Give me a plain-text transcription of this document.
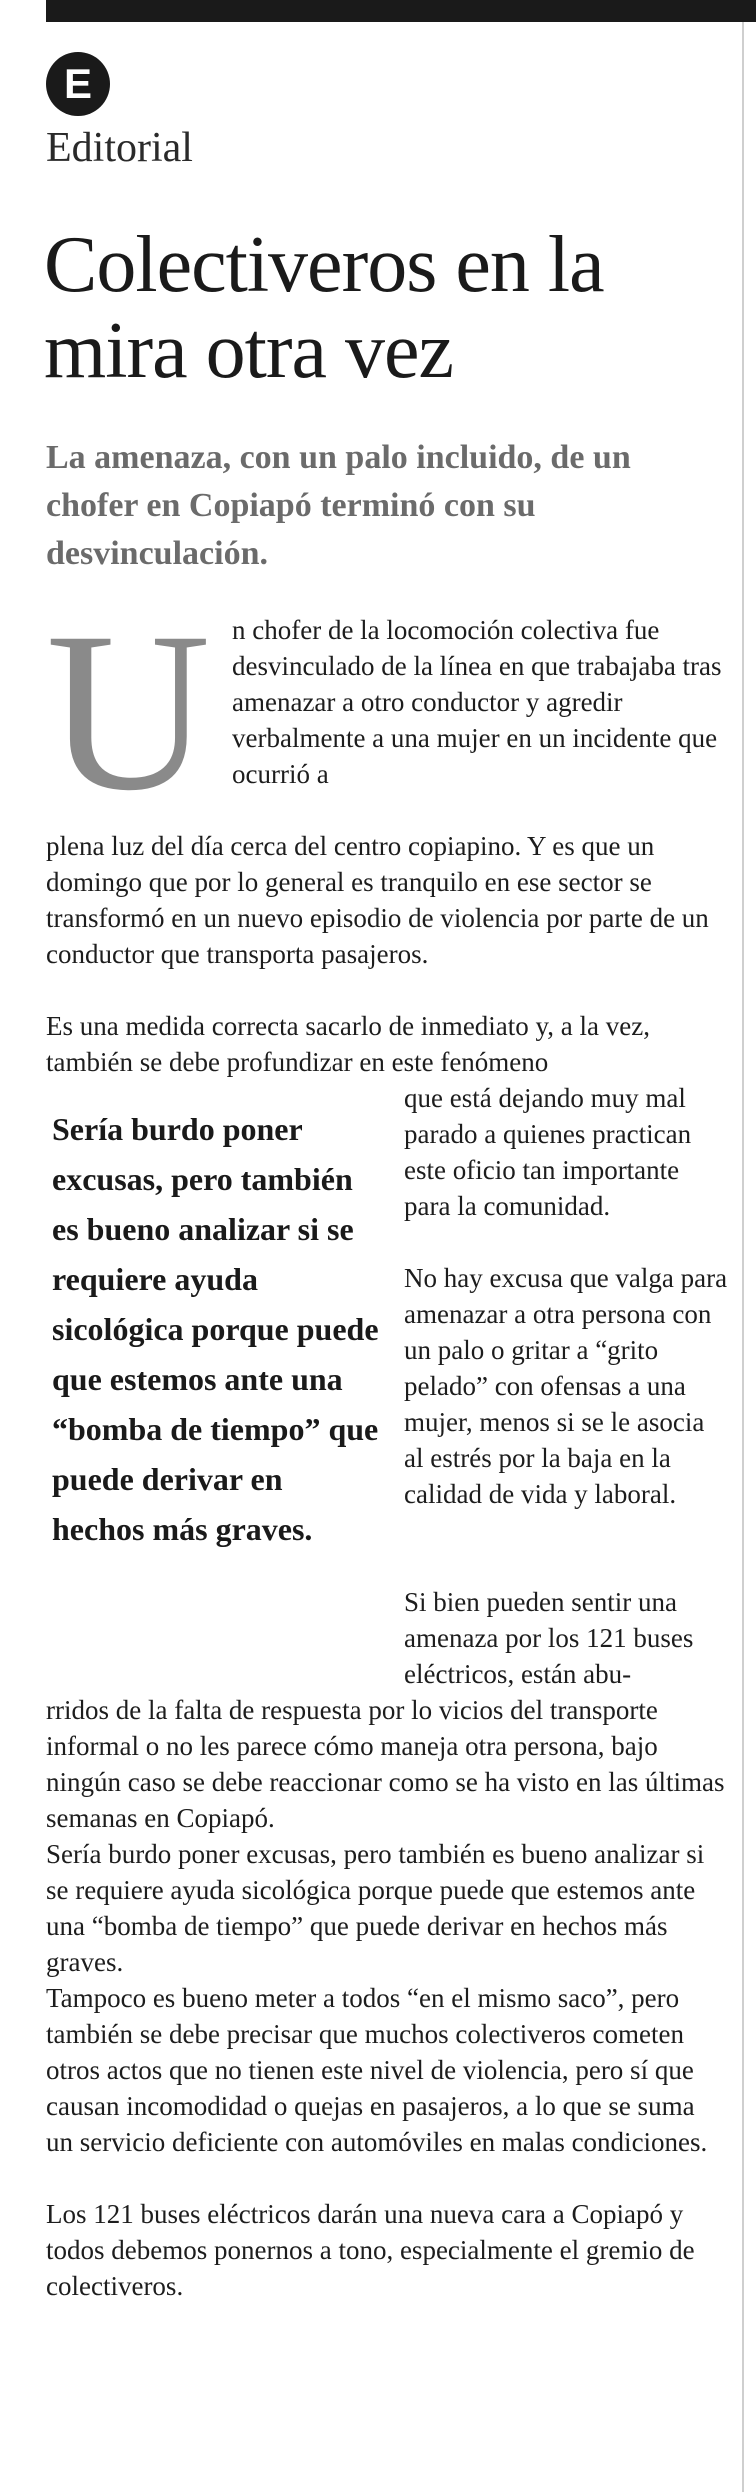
E
Editorial
Colectiveros en la mira otra vez

La amenaza, con un palo incluido, de un chofer en Copiapó terminó con su desvinculación.

U n chofer de la locomoción colectiva fue desvinculado de la línea en que trabajaba tras amenazar a otro conductor y agredir verbalmente a una mujer en un incidente que ocurrió a

plena luz del día cerca del centro copiapino. Y es que un domingo que por lo general es tranquilo en ese sector se transformó en un nuevo episodio de violencia por parte de un conductor que transporta pasajeros.

Es una medida correcta sacarlo de inmediato y, a la vez, también se debe profundizar en este fenómeno

que está dejando muy mal parado a quienes practican este oficio tan importante para la comunidad.

Sería burdo poner excusas, pero también es bueno analizar si se requiere ayuda sicológica porque puede que estemos ante una “bomba de tiempo” que puede derivar en hechos más graves.

No hay excusa que valga para amenazar a otra persona con un palo o gritar a “grito pelado” con ofensas a una mujer, menos si se le asocia al estrés por la baja en la calidad de vida y laboral.

Si bien pueden sentir una amenaza por los 121 buses eléctricos, están abu-

rridos de la falta de respuesta por lo vicios del transporte informal o no les parece cómo maneja otra persona, bajo ningún caso se debe reaccionar como se ha visto en las últimas semanas en Copiapó.

Sería burdo poner excusas, pero también es bueno analizar si se requiere ayuda sicológica porque puede que estemos ante una “bomba de tiempo” que puede derivar en hechos más graves.

Tampoco es bueno meter a todos “en el mismo saco”, pero también se debe precisar que muchos colectiveros cometen otros actos que no tienen este nivel de violencia, pero sí que causan incomodidad o quejas en pasajeros, a lo que se suma un servicio deficiente con automóviles en malas condiciones.

Los 121 buses eléctricos darán una nueva cara a Copiapó y todos debemos ponernos a tono, especialmente el gremio de colectiveros.
